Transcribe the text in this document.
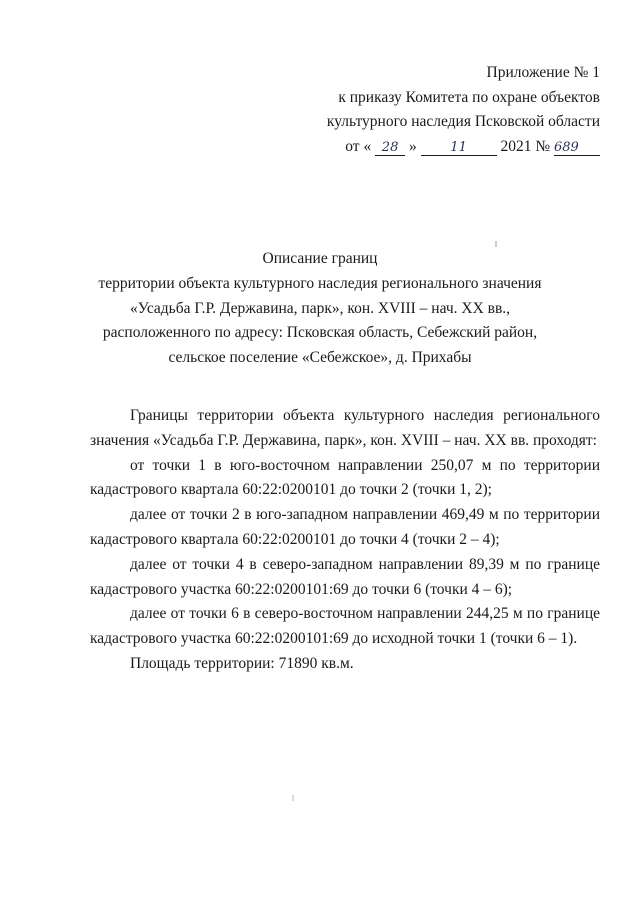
Приложение № 1
к приказу Комитета по охране объектов
культурного наследия Псковской области
от « 28 »	11 2021 № 689
Описание границ
территории объекта культурного наследия регионального значения
«Усадьба Г.Р. Державина, парк», кон. XVIII – нач. XX вв.,
расположенного по адресу: Псковская область, Себежский район,
сельское поселение «Себежское», д. Прихабы

Границы территории объекта культурного наследия регионального значения «Усадьба Г.Р. Державина, парк», кон. XVIII – нач. XX вв. проходят:

от точки 1 в юго-восточном направлении 250,07 м по территории кадастрового квартала 60:22:0200101 до точки 2 (точки 1, 2);

далее от точки 2 в юго-западном направлении 469,49 м по территории кадастрового квартала 60:22:0200101 до точки 4 (точки 2 – 4);

далее от точки 4 в северо-западном направлении 89,39 м по границе кадастрового участка 60:22:0200101:69 до точки 6 (точки 4 – 6);

далее от точки 6 в северо-восточном направлении 244,25 м по границе кадастрового участка 60:22:0200101:69 до исходной точки 1 (точки 6 – 1).

Площадь территории: 71890 кв.м.
